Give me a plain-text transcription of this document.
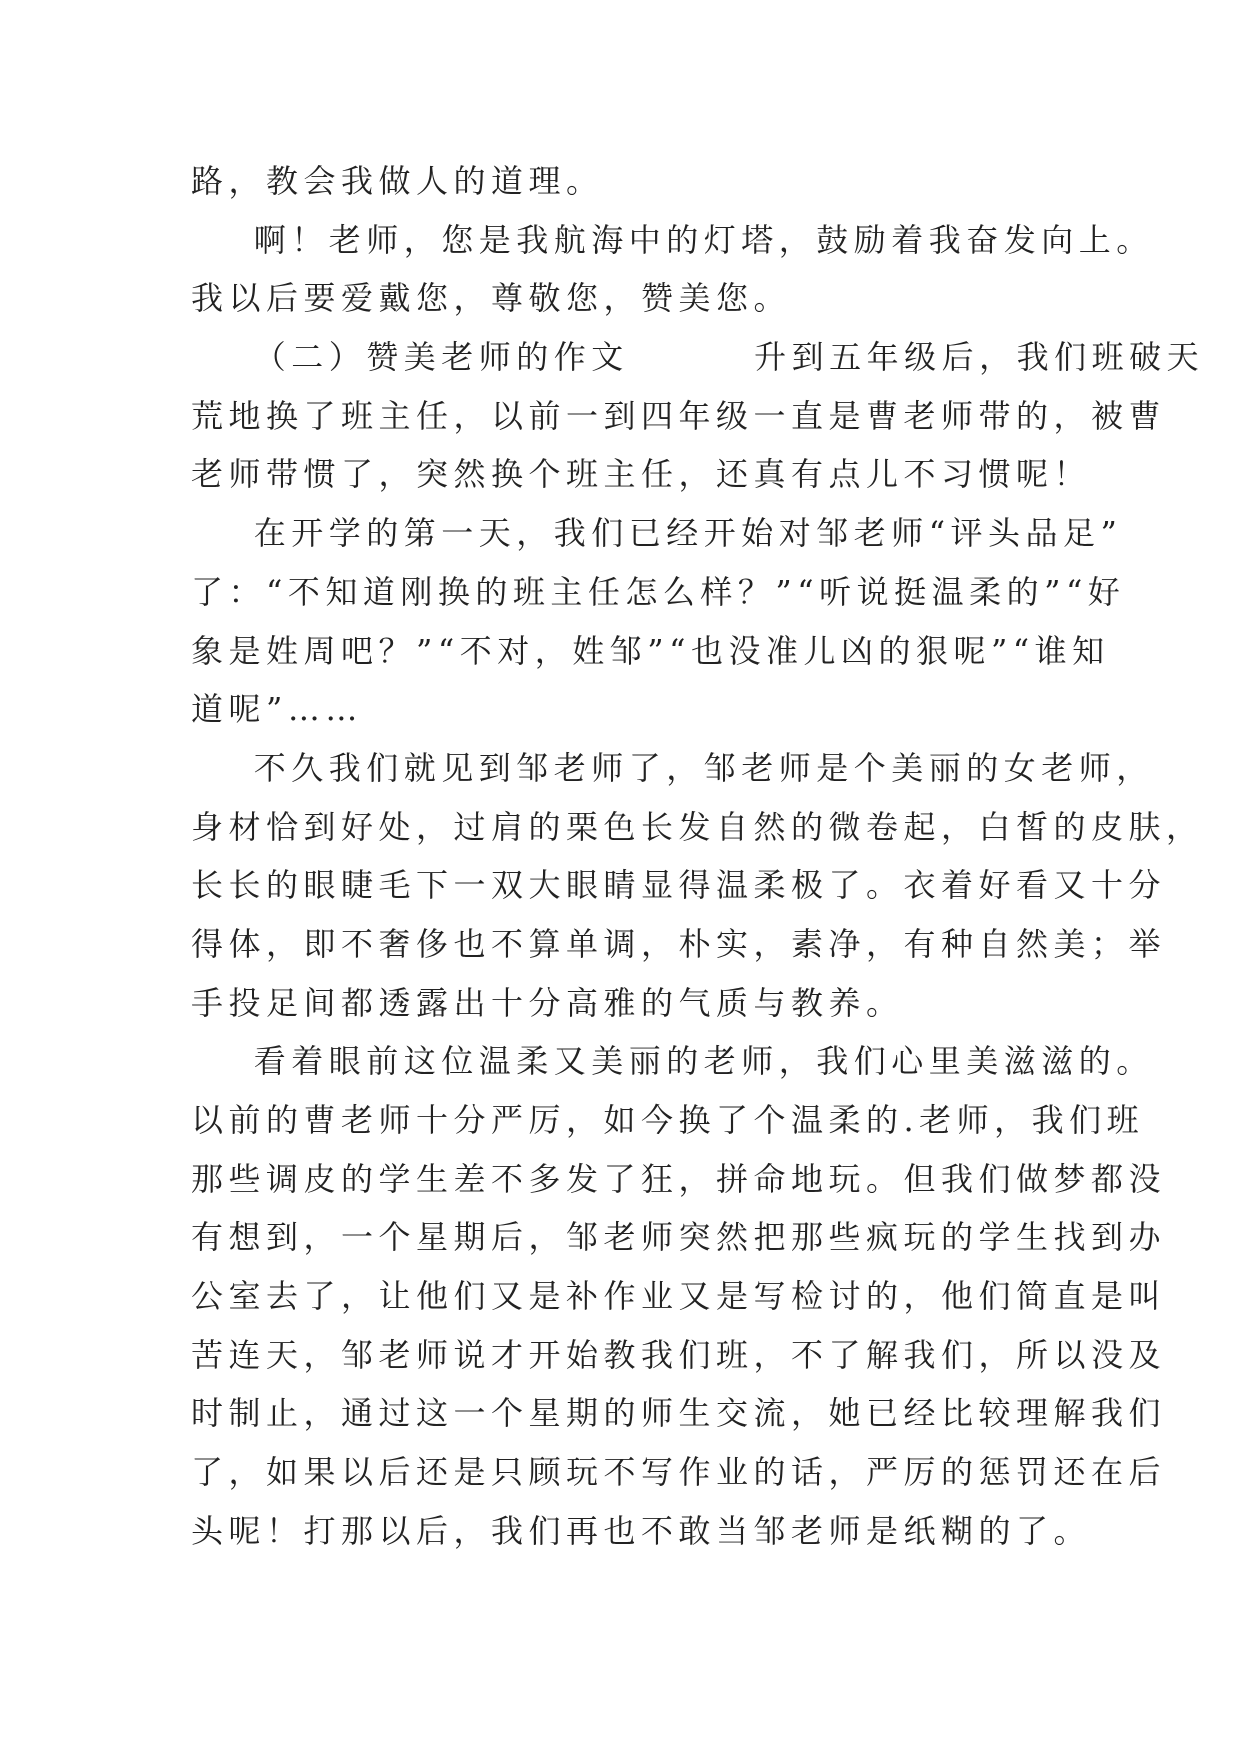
路，教会我做人的道理。
啊！老师，您是我航海中的灯塔，鼓励着我奋发向上。
我以后要爱戴您，尊敬您，赞美您。
（二）赞美老师的作文        升到五年级后，我们班破天
荒地换了班主任，以前一到四年级一直是曹老师带的，被曹
老师带惯了，突然换个班主任，还真有点儿不习惯呢！
在开学的第一天，我们已经开始对邹老师“评头品足”
了：“不知道刚换的班主任怎么样？”“听说挺温柔的”“好
象是姓周吧？”“不对，姓邹”“也没准儿凶的狠呢”“谁知
道呢”……
不久我们就见到邹老师了，邹老师是个美丽的女老师，
身材恰到好处，过肩的栗色长发自然的微卷起，白皙的皮肤，
长长的眼睫毛下一双大眼睛显得温柔极了。衣着好看又十分
得体，即不奢侈也不算单调，朴实，素净，有种自然美；举
手投足间都透露出十分高雅的气质与教养。
看着眼前这位温柔又美丽的老师，我们心里美滋滋的。
以前的曹老师十分严厉，如今换了个温柔的.老师，我们班
那些调皮的学生差不多发了狂，拼命地玩。但我们做梦都没
有想到，一个星期后，邹老师突然把那些疯玩的学生找到办
公室去了，让他们又是补作业又是写检讨的，他们简直是叫
苦连天，邹老师说才开始教我们班，不了解我们，所以没及
时制止，通过这一个星期的师生交流，她已经比较理解我们
了，如果以后还是只顾玩不写作业的话，严厉的惩罚还在后
头呢！打那以后，我们再也不敢当邹老师是纸糊的了。
